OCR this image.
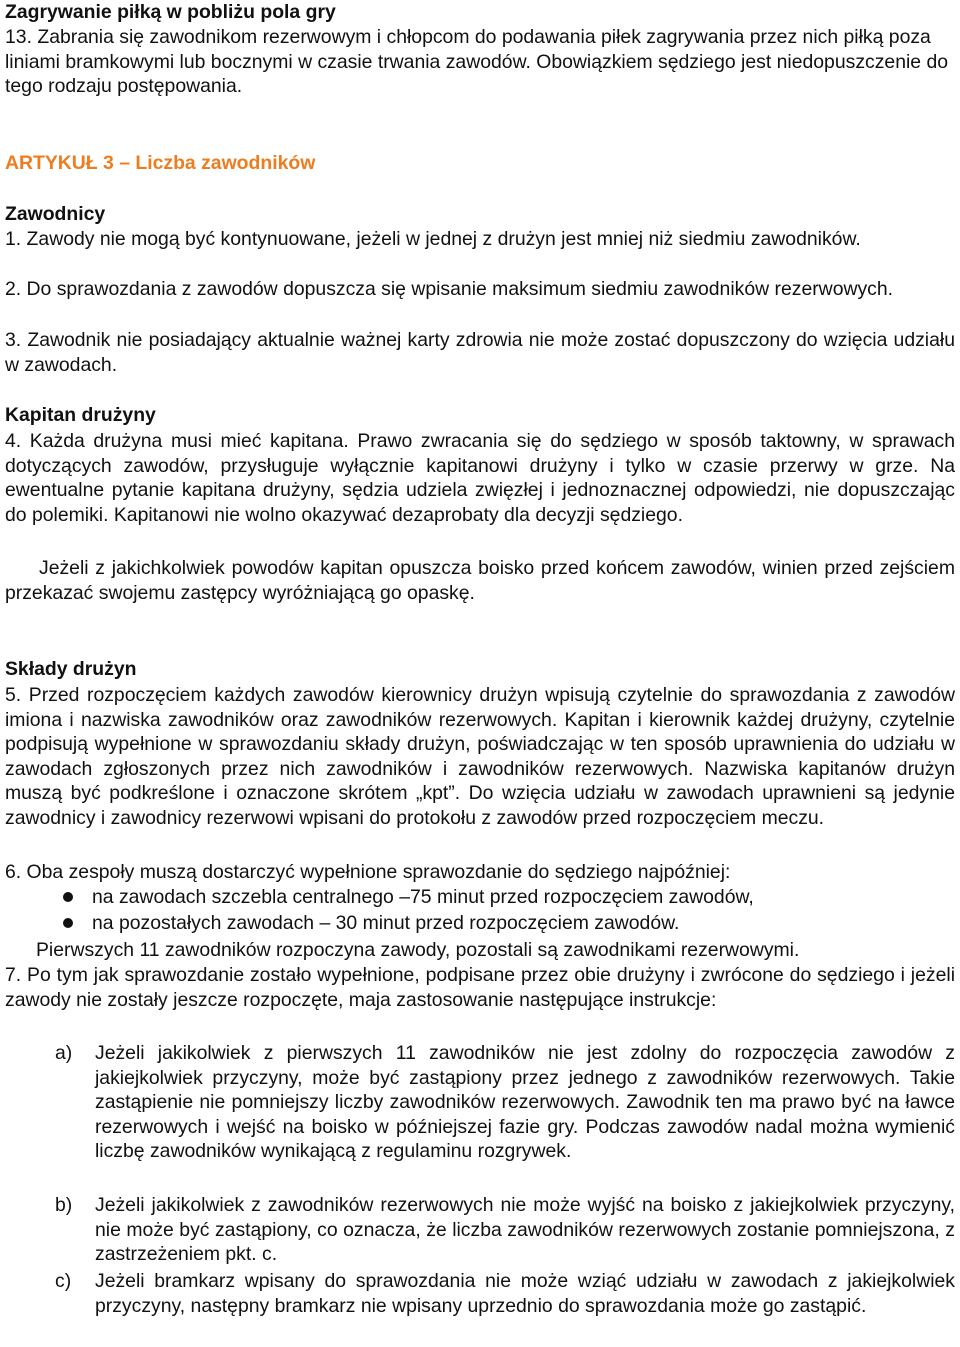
Zagrywanie piłką w pobliżu pola gry

13. Zabrania się zawodnikom rezerwowym i chłopcom do podawania piłek zagrywania przez nich piłką poza liniami bramkowymi lub bocznymi w czasie trwania zawodów. Obowiązkiem sędziego jest niedopuszczenie do tego rodzaju postępowania.

ARTYKUŁ 3 – Liczba zawodników
Zawodnicy

1. Zawody nie mogą być kontynuowane, jeżeli w jednej z drużyn jest mniej niż siedmiu zawodników.

2. Do sprawozdania z zawodów dopuszcza się wpisanie maksimum siedmiu zawodników rezerwowych.

3. Zawodnik nie posiadający aktualnie ważnej karty zdrowia nie może zostać dopuszczony do wzięcia udziału w zawodach.

Kapitan drużyny

4. Każda drużyna musi mieć kapitana. Prawo zwracania się do sędziego w sposób taktowny, w sprawach dotyczących zawodów, przysługuje wyłącznie kapitanowi drużyny i tylko w czasie przerwy w grze. Na ewentualne pytanie kapitana drużyny, sędzia udziela zwięzłej i jednoznacznej odpowiedzi, nie dopuszczając do polemiki. Kapitanowi nie wolno okazywać dezaprobaty dla decyzji sędziego.

Jeżeli z jakichkolwiek powodów kapitan opuszcza boisko przed końcem zawodów, winien przed zejściem przekazać swojemu zastępcy wyróżniającą go opaskę.

Składy drużyn

5. Przed rozpoczęciem każdych zawodów kierownicy drużyn wpisują czytelnie do sprawozdania z zawodów imiona i nazwiska zawodników oraz zawodników rezerwowych. Kapitan i kierownik każdej drużyny, czytelnie podpisują wypełnione w sprawozdaniu składy drużyn, poświadczając w ten sposób uprawnienia do udziału w zawodach zgłoszonych przez nich zawodników i zawodników rezerwowych. Nazwiska kapitanów drużyn muszą być podkreślone i oznaczone skrótem „kpt”. Do wzięcia udziału w zawodach uprawnieni są jedynie zawodnicy i zawodnicy rezerwowi wpisani do protokołu z zawodów przed rozpoczęciem meczu.

6. Oba zespoły muszą dostarczyć wypełnione sprawozdanie do sędziego najpóźniej:

na zawodach szczebla centralnego –75 minut przed rozpoczęciem zawodów,

na pozostałych zawodach – 30 minut przed rozpoczęciem zawodów.

Pierwszych 11 zawodników rozpoczyna zawody, pozostali są zawodnikami rezerwowymi.

7. Po tym jak sprawozdanie zostało wypełnione, podpisane przez obie drużyny i zwrócone do sędziego i jeżeli zawody nie zostały jeszcze rozpoczęte, maja zastosowanie następujące instrukcje:

a) Jeżeli jakikolwiek z pierwszych 11 zawodników nie jest zdolny do rozpoczęcia zawodów z jakiejkolwiek przyczyny, może być zastąpiony przez jednego z zawodników rezerwowych. Takie zastąpienie nie pomniejszy liczby zawodników rezerwowych. Zawodnik ten ma prawo być na ławce rezerwowych i wejść na boisko w późniejszej fazie gry. Podczas zawodów nadal można wymienić liczbę zawodników wynikającą z regulaminu rozgrywek.

b) Jeżeli jakikolwiek z zawodników rezerwowych nie może wyjść na boisko z jakiejkolwiek przyczyny, nie może być zastąpiony, co oznacza, że liczba zawodników rezerwowych zostanie pomniejszona, z zastrzeżeniem pkt. c.

c) Jeżeli bramkarz wpisany do sprawozdania nie może wziąć udziału w zawodach z jakiejkolwiek przyczyny, następny bramkarz nie wpisany uprzednio do sprawozdania może go zastąpić.
